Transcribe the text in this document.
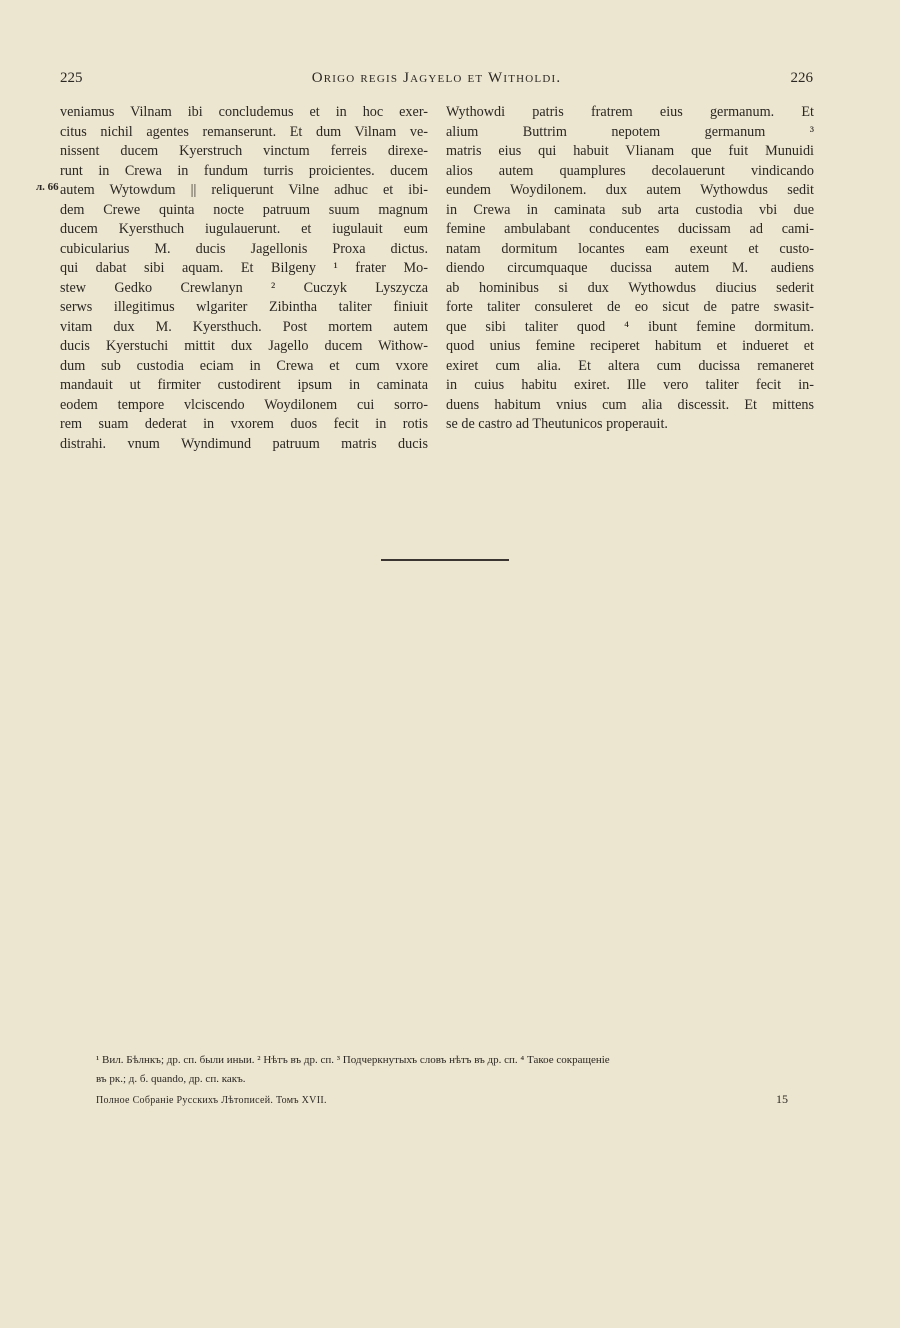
225	Origo regis Jagyelo et Witholdi.	226
л. 66
veniamus Vilnam ibi concludemus et in hoc exer-
citus nichil agentes remanserunt. Et dum Vilnam ve-
nissent ducem Kyerstruch vinctum ferreis direxe-
runt in Crewa in fundum turris proicientes. ducem
autem Wytowdum || reliquerunt Vilne adhuc et ibi-
dem Crewe quinta nocte patruum suum magnum
ducem Kyersthuch iugulauerunt. et iugulauit eum
cubicularius M. ducis Jagellonis Proxa dictus.
qui dabat sibi aquam. Et Bilgeny ¹ frater Mo-
stew Gedko Crewlanyn ² Cuczyk Lyszycza
serws illegitimus wlgariter Zibintha taliter finiuit
vitam dux M. Kyersthuch. Post mortem autem
ducis Kyerstuchi mittit dux Jagello ducem Withow-
dum sub custodia eciam in Crewa et cum vxore
mandauit ut firmiter custodirent ipsum in caminata
eodem tempore vlciscendo Woydilonem cui sorro-
rem suam dederat in vxorem duos fecit in rotis
distrahi. vnum Wyndimund patruum matris ducis
Wythowdi patris fratrem eius germanum. Et
alium Buttrim nepotem germanum ³
matris eius qui habuit Vlianam que fuit Munuidi
alios autem quamplures decolauerunt vindicando
eundem Woydilonem. dux autem Wythowdus sedit
in Crewa in caminata sub arta custodia vbi due
femine ambulabant conducentes ducissam ad cami-
natam dormitum locantes eam exeunt et custo-
diendo circumquaque ducissa autem M. audiens
ab hominibus si dux Wythowdus diucius sederit
forte taliter consuleret de eo sicut de patre swasit-
que sibi taliter quod ⁴ ibunt femine dormitum.
quod unius femine reciperet habitum et indueret et
exiret cum alia. Et altera cum ducissa remaneret
in cuius habitu exiret. Ille vero taliter fecit in-
duens habitum vnius cum alia discessit. Et mittens
se de castro ad Theutunicos properauit.
¹ Вил. Бѣлнкъ; др. сп. были иныи. ² Нѣтъ въ др. сп. ³ Подчеркнутыхъ словъ нѣтъ въ др. сп. ⁴ Такое сокращеніе
въ рк.; д. б. quando, др. сп. какъ.
Полное Собраніе Русскихъ Лѣтописей. Томъ XVII.	15
